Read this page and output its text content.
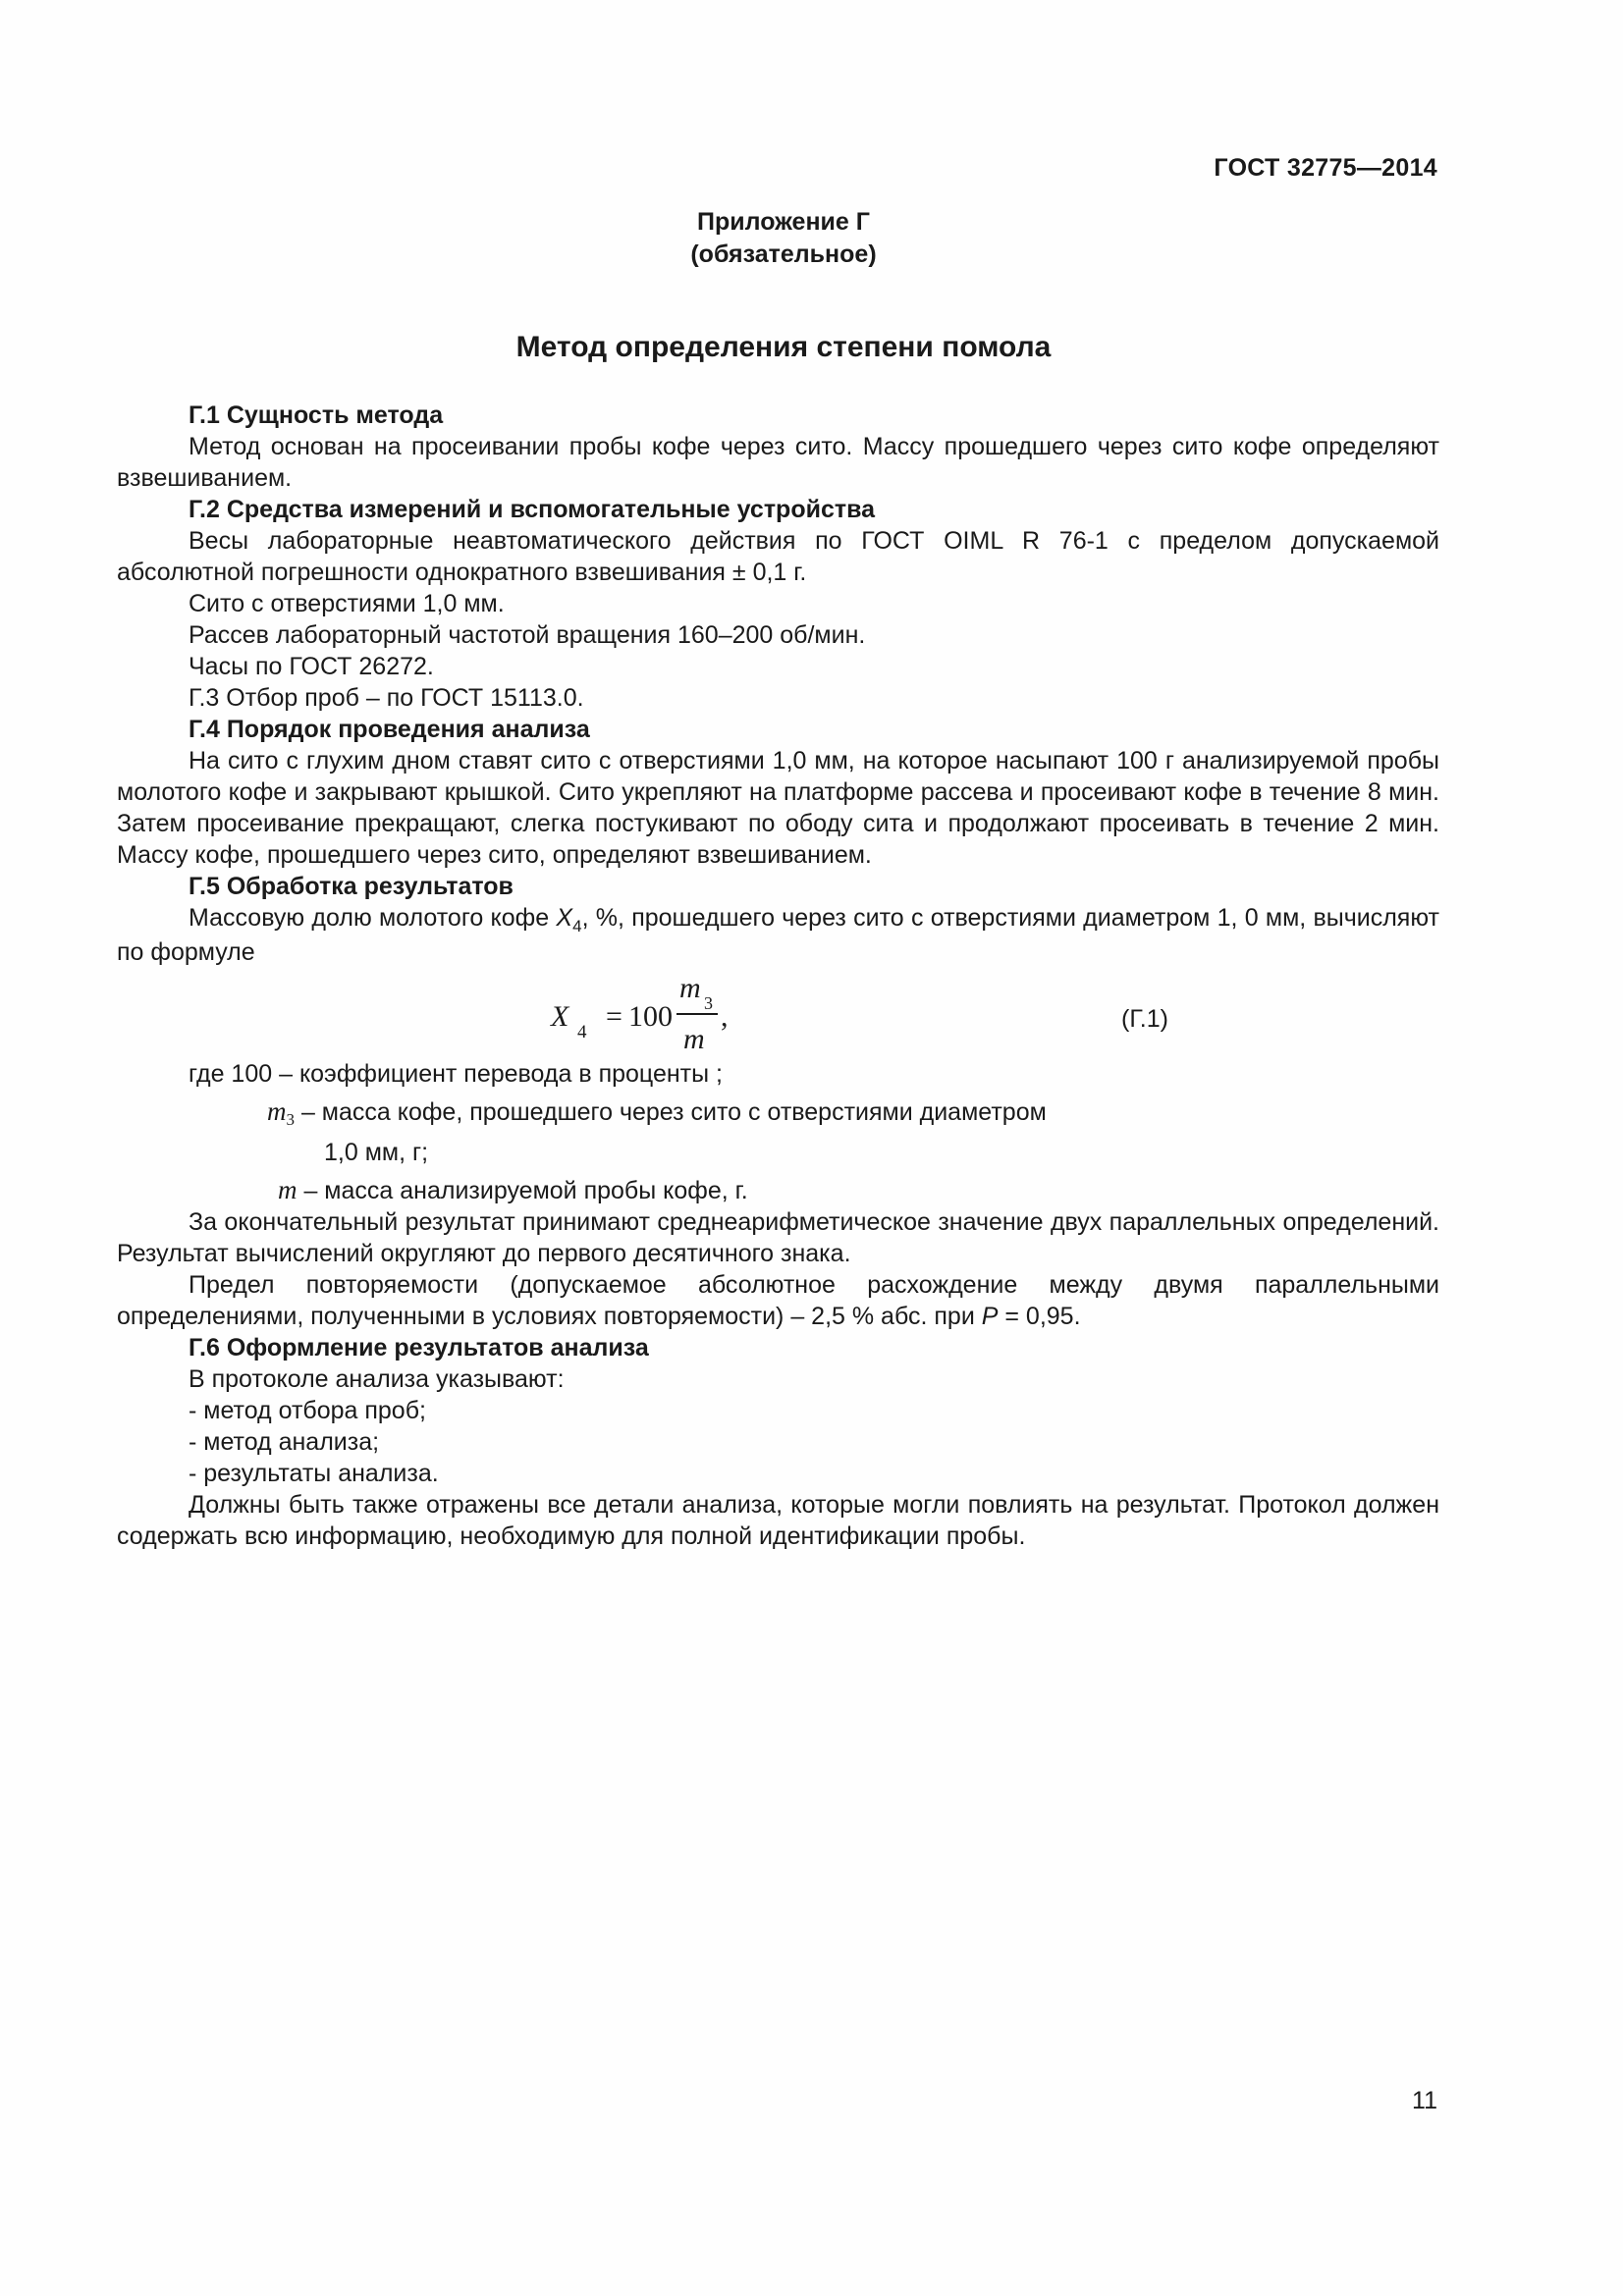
ГОСТ 32775—2014
Приложение Г
(обязательное)
Метод определения степени помола

Г.1 Сущность метода

Метод основан на просеивании пробы кофе через сито. Массу прошедшего через сито кофе определяют взвешиванием.

Г.2 Средства измерений и вспомогательные устройства

Весы лабораторные неавтоматического действия по ГОСТ OIML R 76-1 с пределом допускаемой абсолютной погрешности однократного взвешивания ± 0,1 г.

Сито с отверстиями 1,0 мм.

Рассев лабораторный частотой вращения 160–200 об/мин.

Часы по ГОСТ 26272.

Г.3 Отбор проб – по ГОСТ 15113.0.

Г.4 Порядок проведения анализа

На сито с глухим дном ставят сито с отверстиями 1,0 мм, на которое насыпают 100 г анализируемой пробы молотого кофе и закрывают крышкой. Сито укрепляют на платформе рассева и просеивают кофе в течение 8 мин. Затем просеивание прекращают, слегка постукивают по ободу сита и продолжают просеивать в течение 2 мин. Массу кофе, прошедшего через сито, определяют взвешиванием.

Г.5 Обработка результатов

Массовую долю молотого кофе $X_4$, %, прошедшего через сито с отверстиями диаметром 1, 0 мм, вычисляют по формуле

X 4 = 100
m 3
m
,	(Г.1)

где 100 – коэффициент перевода в проценты ;

$m_3$ – масса кофе, прошедшего через сито с отверстиями диаметром

1,0 мм, г;

m – масса анализируемой пробы кофе, г.

За окончательный результат принимают среднеарифметическое значение двух параллельных определений. Результат вычислений округляют до первого десятичного знака.

Предел повторяемости (допускаемое абсолютное расхождение между двумя параллельными определениями, полученными в условиях повторяемости) – 2,5 % абс. при P = 0,95.

Г.6 Оформление результатов анализа

В протоколе анализа указывают:

- метод отбора проб;

- метод анализа;

- результаты анализа.

Должны быть также отражены все детали анализа, которые могли повлиять на результат. Протокол должен содержать всю информацию, необходимую для полной идентификации пробы.

11
